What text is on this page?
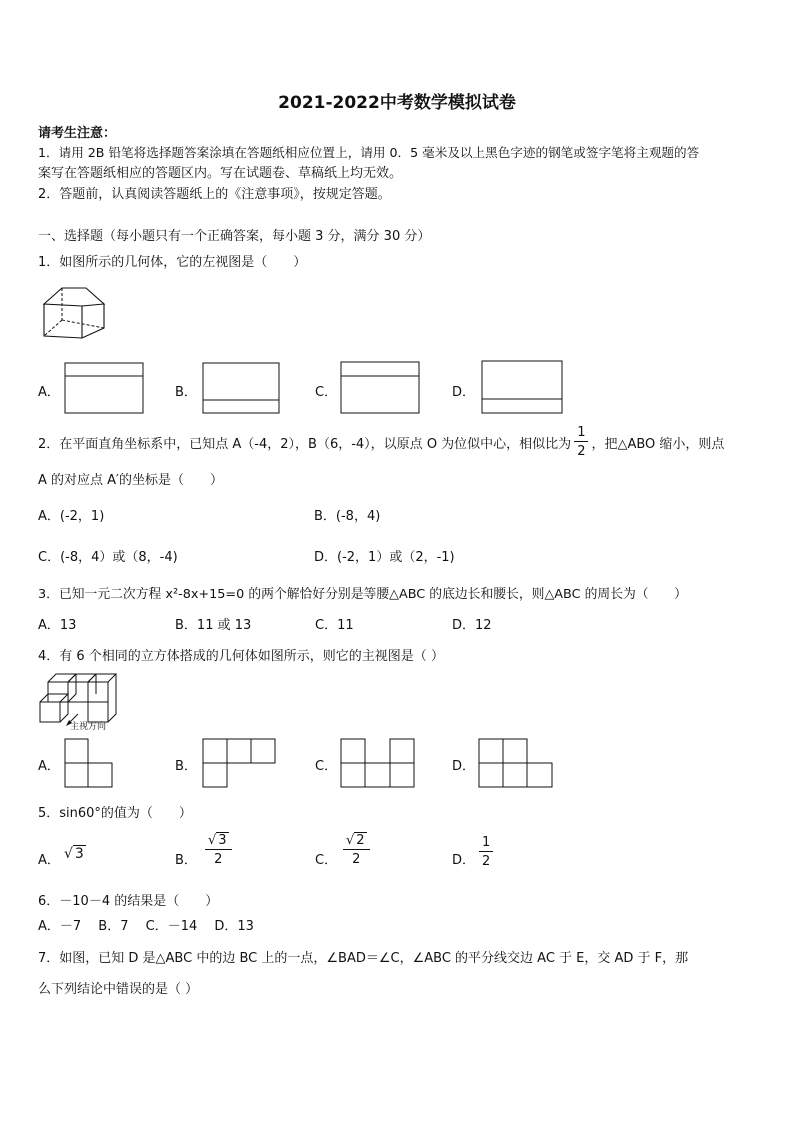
2021-2022中考数学模拟试卷
请考生注意：
1．请用 2B 铅笔将选择题答案涂填在答题纸相应位置上，请用 0．5 毫米及以上黑色字迹的钢笔或签字笔将主观题的答
案写在答题纸相应的答题区内。写在试题卷、草稿纸上均无效。
2．答题前，认真阅读答题纸上的《注意事项》，按规定答题。
一、选择题（每小题只有一个正确答案，每小题 3 分，满分 30 分）
1．如图所示的几何体，它的左视图是（　　）
A．	B．	C．	D．
2．在平面直角坐标系中，已知点 A（-4，2），B（6，-4），以原点 O 为位似中心，相似比为 $\frac{1}{2}$ ，把△ABO 缩小，则点
A 的对应点 A′的坐标是（　　）
A．(-2，1)	B．(-8，4)
C．(-8，4）或（8，-4)	D．(-2，1）或（2，-1)
3．已知一元二次方程 x²-8x+15=0 的两个解恰好分别是等腰△ABC 的底边长和腰长，则△ABC 的周长为（　　）
A．13	B．11 或 13	C．11	D．12
4．有 6 个相同的立方体搭成的几何体如图所示，则它的主视图是（ ）
主视方向
A．	B．	C．	D．
5．sin60°的值为（　　）
A． √ 3	B． $\frac{√ 3}{2}$	C． $\frac{√ 2}{2}$	D． $\frac{1}{2}$
6．－10－4 的结果是（　　）
A．－7　 B．7　 C．－14　 D．13
7．如图，已知 D 是△ABC 中的边 BC 上的一点，∠BAD＝∠C，∠ABC 的平分线交边 AC 于 E，交 AD 于 F，那
么下列结论中错误的是（ ）
